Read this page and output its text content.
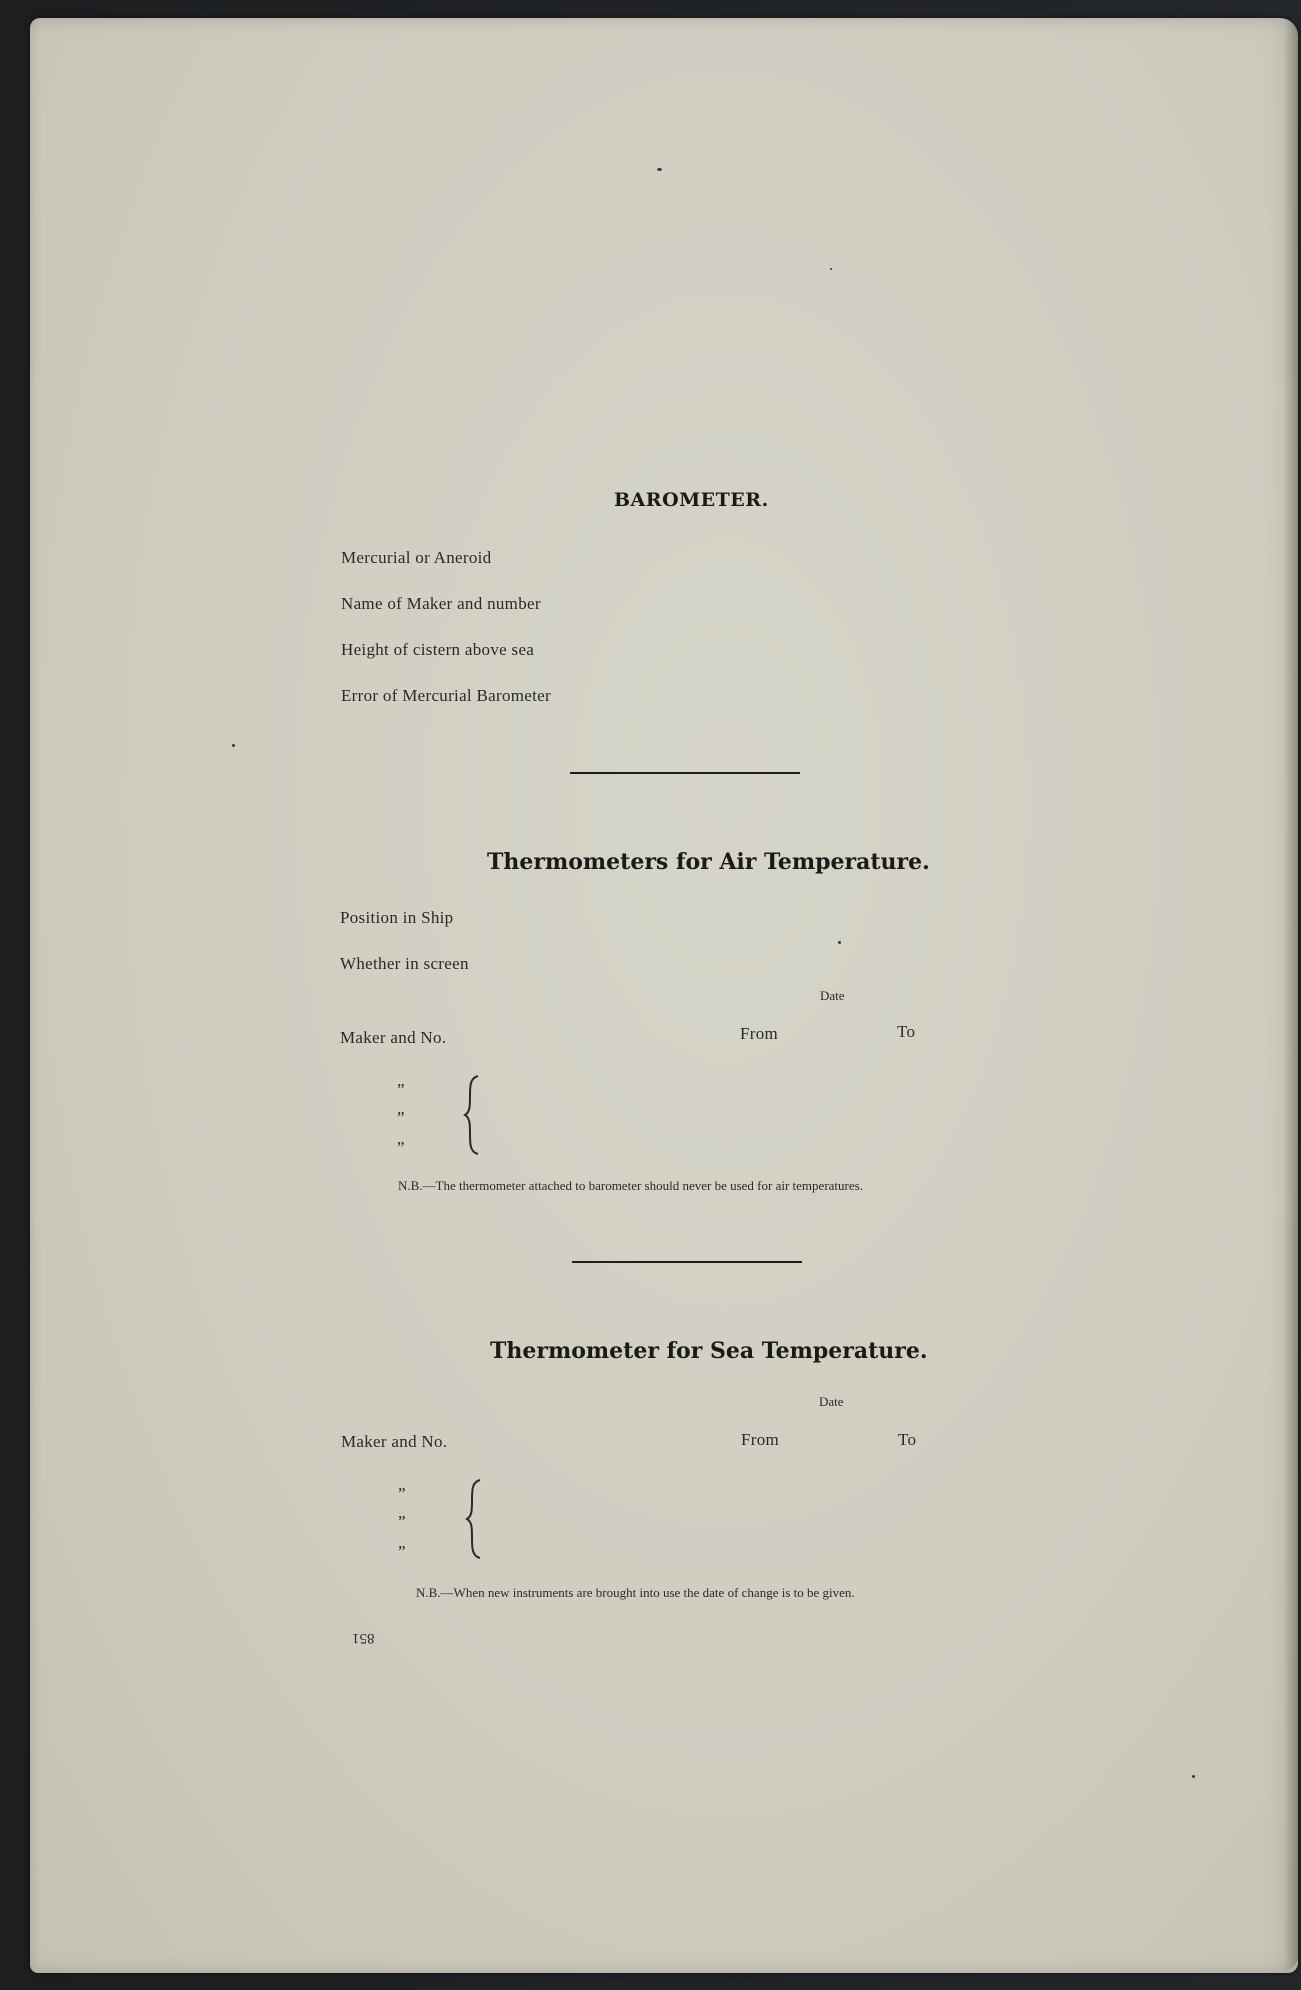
BAROMETER.
Mercurial or Aneroid
Name of Maker and number
Height of cistern above sea
Error of Mercurial Barometer
Thermometers for Air Temperature.
Position in Ship
Whether in screen
Date
Maker and No.	From	To
”
”
”
N.B.—The thermometer attached to barometer should never be used for air temperatures.
Thermometer for Sea Temperature.
Date
Maker and No.	From	To
”
”
”
N.B.—When new instruments are brought into use the date of change is to be given.
851
